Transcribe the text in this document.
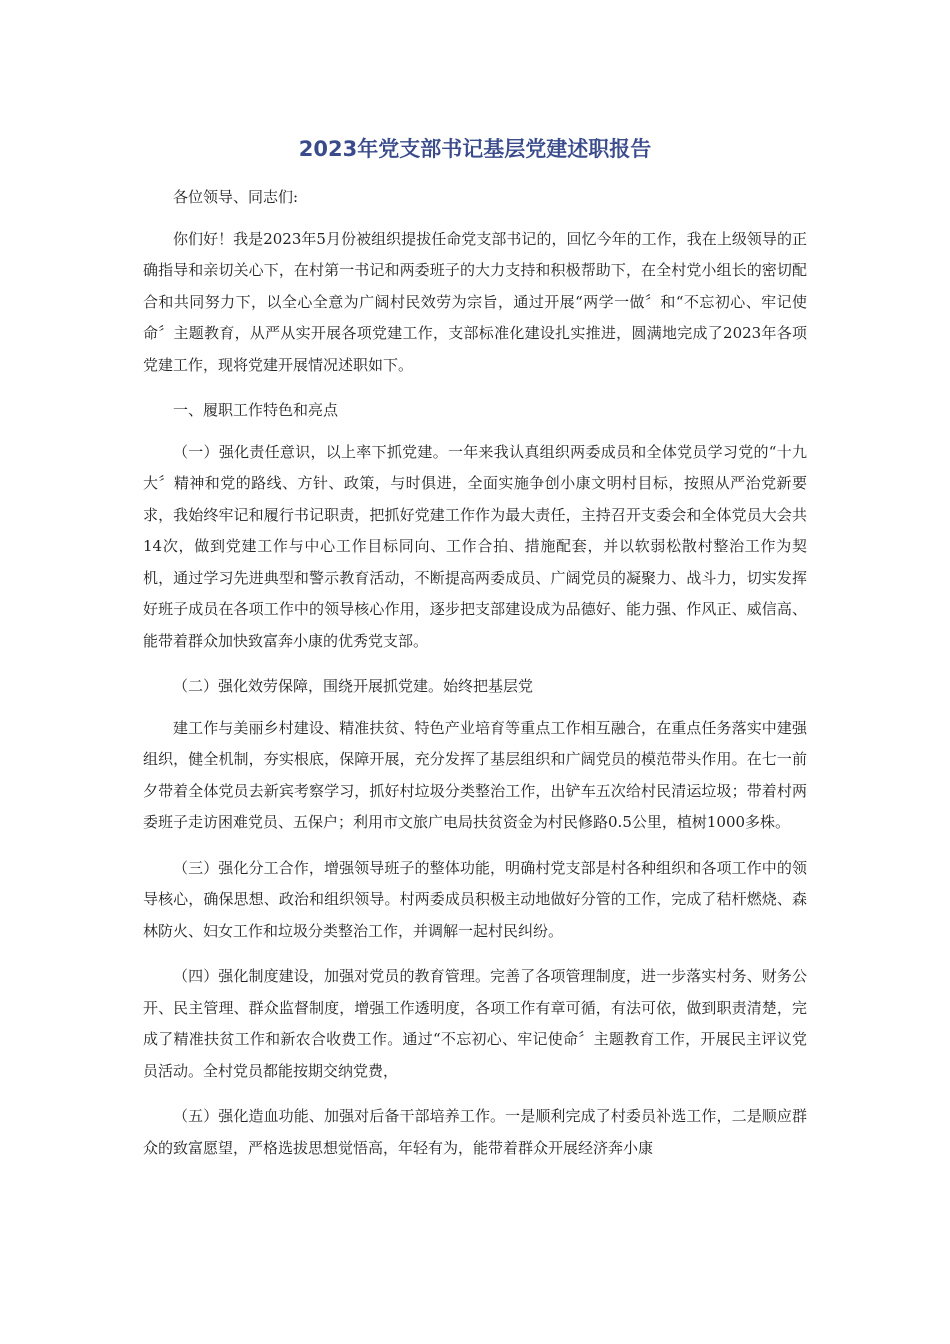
2023年党支部书记基层党建述职报告

各位领导、同志们:

你们好！我是2023年5月份被组织提拔任命党支部书记的，回忆今年的工作，我在上级领导的正确指导和亲切关心下，在村第一书记和两委班子的大力支持和积极帮助下，在全村党小组长的密切配合和共同努力下，以全心全意为广阔村民效劳为宗旨，通过开展“两学一做〞和“不忘初心、牢记使命〞主题教育，从严从实开展各项党建工作，支部标准化建设扎实推进，圆满地完成了2023年各项党建工作，现将党建开展情况述职如下。

一、履职工作特色和亮点

（一）强化责任意识，以上率下抓党建。一年来我认真组织两委成员和全体党员学习党的“十九大〞精神和党的路线、方针、政策，与时俱进，全面实施争创小康文明村目标，按照从严治党新要求，我始终牢记和履行书记职责，把抓好党建工作作为最大责任，主持召开支委会和全体党员大会共14次，做到党建工作与中心工作目标同向、工作合拍、措施配套，并以软弱松散村整治工作为契机，通过学习先进典型和警示教育活动，不断提高两委成员、广阔党员的凝聚力、战斗力，切实发挥好班子成员在各项工作中的领导核心作用，逐步把支部建设成为品德好、能力强、作风正、威信高、能带着群众加快致富奔小康的优秀党支部。

（二）强化效劳保障，围绕开展抓党建。始终把基层党

建工作与美丽乡村建设、精准扶贫、特色产业培育等重点工作相互融合，在重点任务落实中建强组织，健全机制，夯实根底，保障开展，充分发挥了基层组织和广阔党员的模范带头作用。在七一前夕带着全体党员去新宾考察学习，抓好村垃圾分类整治工作，出铲车五次给村民清运垃圾；带着村两委班子走访困难党员、五保户；利用市文旅广电局扶贫资金为村民修路0.5公里，植树1000多株。

（三）强化分工合作，增强领导班子的整体功能，明确村党支部是村各种组织和各项工作中的领导核心，确保思想、政治和组织领导。村两委成员积极主动地做好分管的工作，完成了秸杆燃烧、森林防火、妇女工作和垃圾分类整治工作，并调解一起村民纠纷。

（四）强化制度建设，加强对党员的教育管理。完善了各项管理制度，进一步落实村务、财务公开、民主管理、群众监督制度，增强工作透明度，各项工作有章可循，有法可依，做到职责清楚，完成了精准扶贫工作和新农合收费工作。通过“不忘初心、牢记使命〞主题教育工作，开展民主评议党员活动。全村党员都能按期交纳党费，

（五）强化造血功能、加强对后备干部培养工作。一是顺利完成了村委员补选工作，二是顺应群众的致富愿望，严格选拔思想觉悟高，年轻有为，能带着群众开展经济奔小康
